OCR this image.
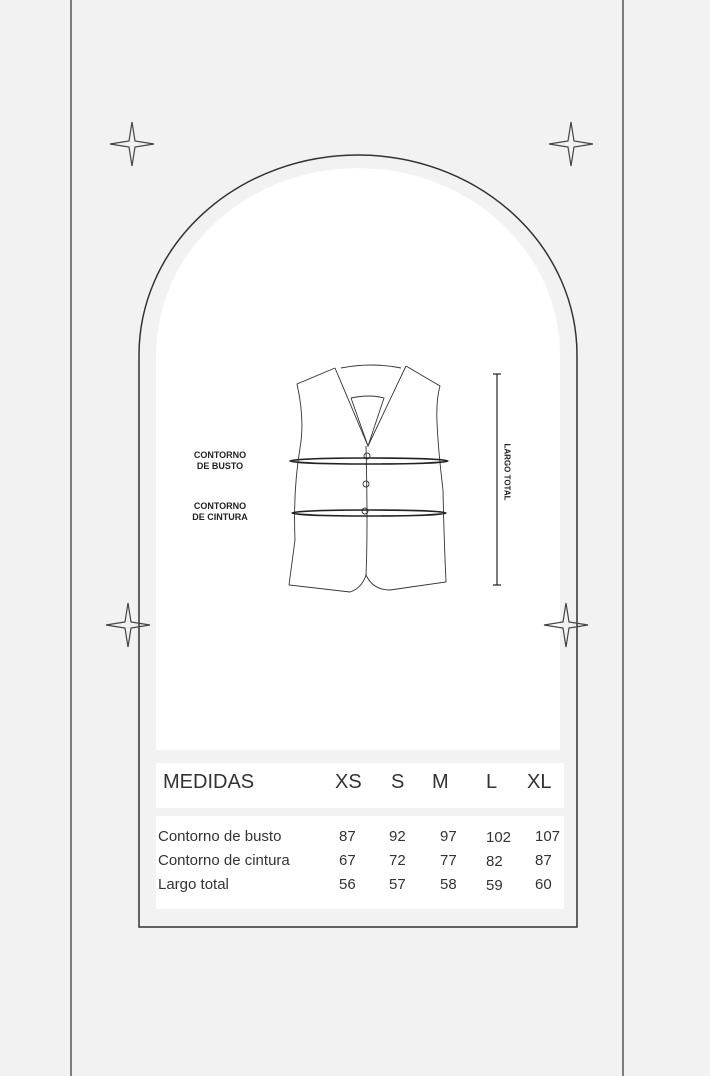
CONTORNO
DE BUSTO
CONTORNO
DE CINTURA
LARGO TOTAL
MEDIDAS	XS S M L XL
Contorno de busto	87 92 97 102 107
Contorno de cintura	67 72 77 82 87
Largo total	56 57 58 59 60
